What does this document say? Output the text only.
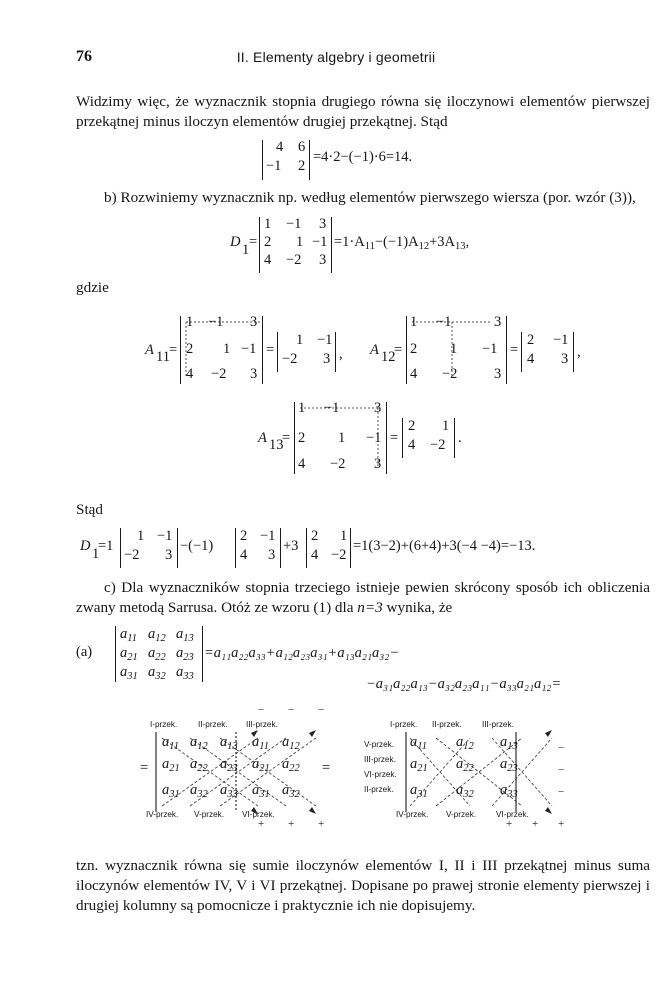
76	II. Elementy algebry i geometrii
Widzimy więc, że wyznacznik stopnia drugiego równa się iloczynowi elementów pierwszej przekątnej minus iloczyn elementów drugiej przekątnej. Stąd
4 6
−1 2
=4·2−(−1)·6=14.
b) Rozwiniemy wyznacznik np. według elementów pierwszego wiersza (por. wzór (3)),
D 1 =
1 −1 3
2 1 −1
4 −2 3
$=1\cdot A_{11}-(-1)A_{12}+3A_{13}$,
gdzie
A 11 =
1 −1 3
2 1 −1
4 −2 3
=
1 −1
−2 3 , A 12
=
1 −1	3
2 1 −1
4 −2	3
=
2 −1
4 3 ,
A 13
=
1 −1 3
2 1 −1
4 −2 3
=
2 1
4 −2 .
Stąd
D 1
=1
1 −1
−2 3
−(−1)
2 −1
4 3
+3
2 1
4 −2
=1(3−2)+(6+4)+3(−4 −4)=−13.
c) Dla wyznaczników stopnia trzeciego istnieje pewien skrócony sposób ich obliczenia zwany metodą Sarrusa. Otóż ze wzoru (1) dla n=3 wynika, że
(a)
$a_{11}$ $a_{12}$ $a_{13}$
$a_{21}$ $a_{22}$ $a_{23}$
$a_{31}$ $a_{32}$ $a_{33}$
=a₁₁a₂₂a₃₃+a₁₂a₂₃a₃₁+a₁₃a₂₁a₃₂−
−a₃₁a₂₂a₁₃−a₃₂a₂₃a₁₁−a₃₃a₂₁a₁₂=
I-przek.	II-przek. III-przek.
IV-przek. V-przek. VI-przek.
$a_{11}$ $a_{12}$ $a_{13}$ $a_{11}$ $a_{12}$
$a_{21}$ $a_{22}$ $a_{23}$ $a_{21}$ $a_{22}$
$a_{31}$ $a_{32}$ $a_{33}$ $a_{31}$ $a_{32}$
+ + +
− − −
=	=
I-przek. II-przek. III-przek.
V-przek.
III-przek.
VI-przek.
II-przek.
IV-przek. V-przek. VI-przek.
$a_{11}$ $a_{12}$ $a_{13}$
$a_{21}$ $a_{22}$ $a_{23}$
$a_{31}$ $a_{32}$ $a_{33}$
−
−
−
+ + +
tzn. wyznacznik równa się sumie iloczynów elementów I, II i III przekątnej minus suma iloczynów elementów IV, V i VI przekątnej. Dopisane po prawej stronie elementy pierwszej i drugiej kolumny są pomocnicze i praktycznie ich nie dopisujemy.
